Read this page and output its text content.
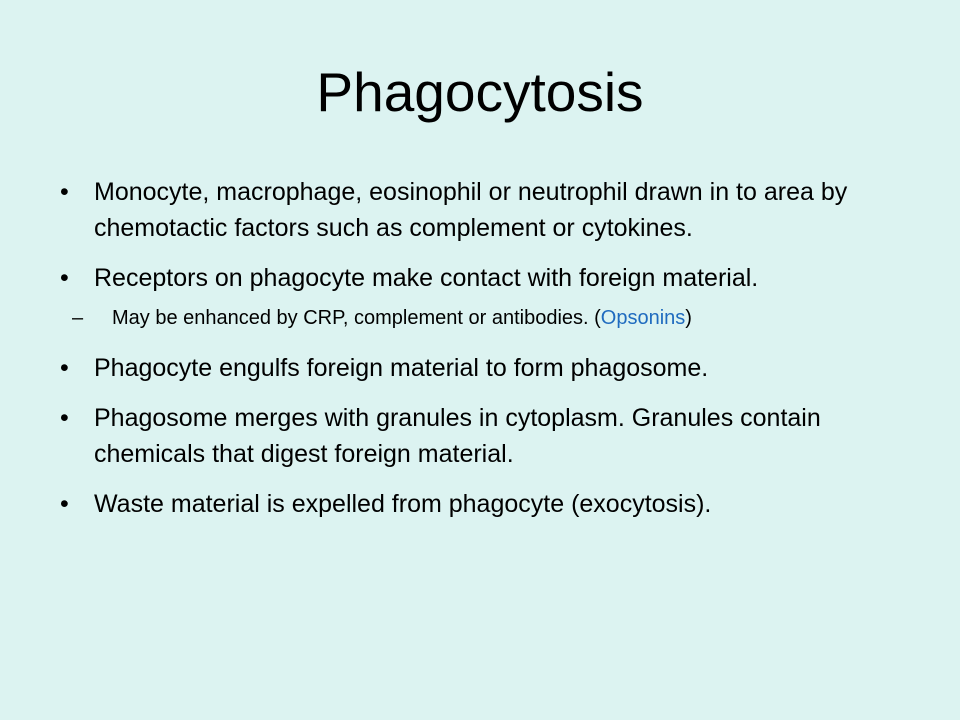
Phagocytosis
• Monocyte, macrophage, eosinophil or neutrophil drawn in to area by chemotactic factors such as complement or cytokines.
• Receptors on phagocyte make contact with foreign material.
– May be enhanced by CRP, complement or antibodies. (Opsonins)
• Phagocyte engulfs foreign material to form phagosome.
• Phagosome merges with granules in cytoplasm. Granules contain chemicals that digest foreign material.
• Waste material is expelled from phagocyte (exocytosis).
